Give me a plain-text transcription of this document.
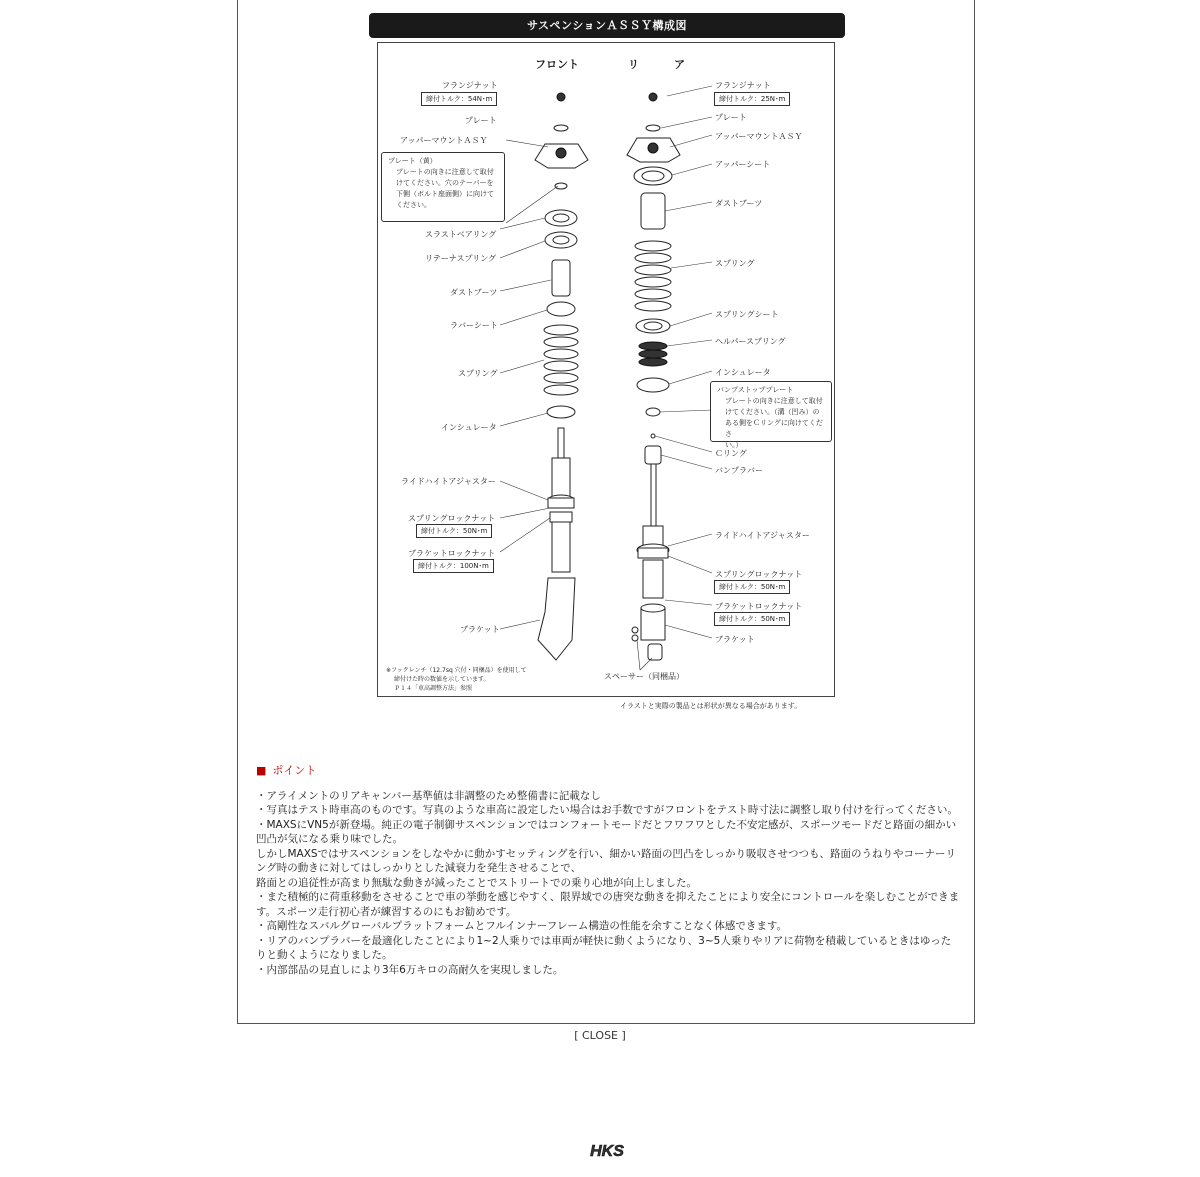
サスペンションＡＳＳＹ構成図
フロント	リ　ア
フランジナット
締付トルク：54N･m
プレート
アッパーマウントＡＳＹ
プレート（黄）
プレートの向きに注意して取付
けてください。穴のテーパーを
下側（ボルト座面側）に向けて
ください。
スラストベアリング
リテーナスプリング
ダストブーツ
ラバーシート
スプリング
インシュレータ
ライドハイトアジャスター
スプリングロックナット
締付トルク：50N･m
ブラケットロックナット
締付トルク：100N･m
ブラケット
フランジナット
締付トルク：25N･m
プレート
アッパーマウントＡＳＹ
アッパーシート
ダストブーツ
スプリング
スプリングシート
ヘルパースプリング
インシュレータ
バンプストッププレート
プレートの向きに注意して取付
けてください。（溝（凹み）の
ある側をＣリングに向けてくださ
い。）
Ｃリング
バンプラバー
ライドハイトアジャスター
スプリングロックナット
締付トルク：50N･m
ブラケットロックナット
締付トルク：50N･m
ブラケット
スペーサー（同梱品）
※フックレンチ（12.7sq 穴付・同梱品）を使用して
締付けた時の数値を示しています。
Ｐ１４「車高調整方法」参照
イラストと実際の製品とは形状が異なる場合があります。
■ ポイント

・アライメントのリアキャンバー基準値は非調整のため整備書に記載なし

・写真はテスト時車高のものです。写真のような車高に設定したい場合はお手数ですがフロントをテスト時寸法に調整し取り付けを行ってください。

・MAXSにVN5が新登場。純正の電子制御サスペンションではコンフォートモードだとフワフワとした不安定感が、スポーツモードだと路面の細かい凹凸が気になる乗り味でした。

しかしMAXSではサスペンションをしなやかに動かすセッティングを行い、細かい路面の凹凸をしっかり吸収させつつも、路面のうねりやコーナーリング時の動きに対してはしっかりとした減衰力を発生させることで、

路面との追従性が高まり無駄な動きが減ったことでストリートでの乗り心地が向上しました。

・また積極的に荷重移動をさせることで車の挙動を感じやすく、限界域での唐突な動きを抑えたことにより安全にコントロールを楽しむことができます。スポーツ走行初心者が練習するのにもお勧めです。

・高剛性なスバルグローバルプラットフォームとフルインナーフレーム構造の性能を余すことなく体感できます。

・リアのバンプラバーを最適化したことにより1~2人乗りでは車両が軽快に動くようになり、3~5人乗りやリアに荷物を積載しているときはゆったりと動くようになりました。

・内部部品の見直しにより3年6万キロの高耐久を実現しました。

[ CLOSE ]
HKS
